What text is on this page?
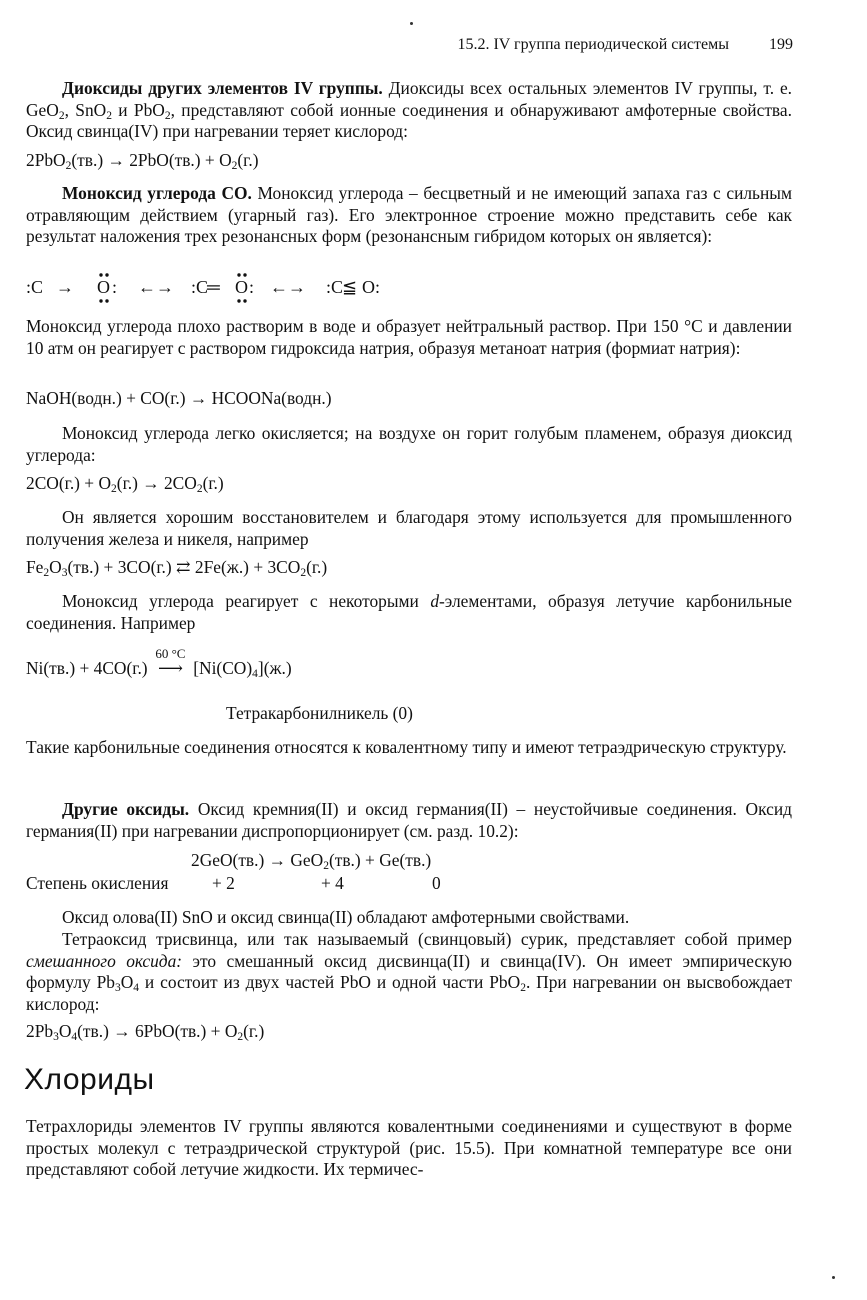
15.2. IV группа периодической системы	199
Диоксиды других элементов IV группы. Диоксиды всех остальных элементов IV группы, т. е. GeO$_2$, SnO$_2$ и PbO$_2$, представляют собой ионные соединения и обнаруживают амфотерные свойства. Оксид свинца(IV) при нагревании теряет кислород:
$2PbO_2(тв.) \to 2PbO(тв.) + O_2(г.)$
Моноксид углерода CO. Моноксид углерода – бесцветный и не имеющий запаха газ с сильным отравляющим действием (угарный газ). Его электронное строение можно представить себе как результат наложения трех резонансных форм (резонансным гибридом которых он является):
:C → O : ←→ :C
═ O : ←→ :C
≦ O:
Моноксид углерода плохо растворим в воде и образует нейтральный раствор. При 150 °C и давлении 10 атм он реагирует с раствором гидроксида натрия, образуя метаноат натрия (формиат натрия):
NaOH(водн.) + CO(г.) → HCOONa(водн.)
Моноксид углерода легко окисляется; на воздухе он горит голубым пламенем, образуя диоксид углерода:
$2CO(г.) + O_2(г.) \to 2CO_2(г.)$
Он является хорошим восстановителем и благодаря этому используется для промышленного получения железа и никеля, например
$Fe_2O_3(тв.) + 3CO(г.)$ ⇄ $2Fe(ж.) + 3CO_2(г.)$
Моноксид углерода реагирует с некоторыми d-элементами, образуя летучие карбонильные соединения. Например
Ni(тв.) + 4CO(г.)
60 °C
⟶ $[Ni(CO)_4](ж.)$
Тетракарбонилникель (0)
Такие карбонильные соединения относятся к ковалентному типу и имеют тетраэдрическую структуру.
Другие оксиды. Оксид кремния(II) и оксид германия(II) – неустойчивые соединения. Оксид германия(II) при нагревании диспропорционирует (см. разд. 10.2):
2GeO(тв.) → GeO$_2$(тв.) + Ge(тв.)
Степень окисления	+ 2	+ 4	0
Оксид олова(II) SnO и оксид свинца(II) обладают амфотерными свойствами.
Тетраоксид трисвинца, или так называемый (свинцовый) сурик, представляет собой пример смешанного оксида: это смешанный оксид дисвинца(II) и свинца(IV). Он имеет эмпирическую формулу $Pb_3O_4$ и состоит из двух частей PbO и одной части PbO$_2$. При нагревании он высвобождает кислород:
$2Pb_3O_4(тв.) \to 6PbO(тв.) + O_2(г.)$
Хлориды
Тетрахлориды элементов IV группы являются ковалентными соединениями и существуют в форме простых молекул с тетраэдрической структурой (рис. 15.5). При комнатной температуре все они представляют собой летучие жидкости. Их термичес-
